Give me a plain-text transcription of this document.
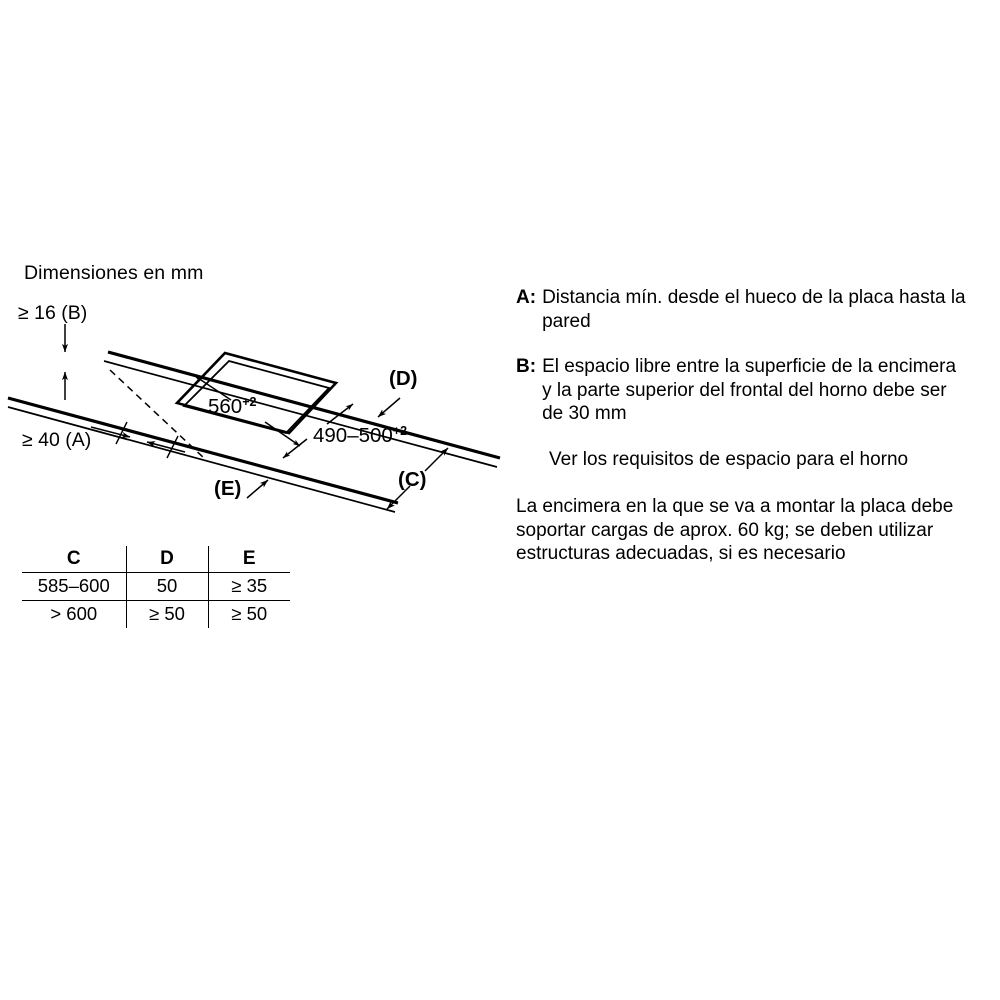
Dimensiones en mm
≥ 16 (B)
≥ 40 (A)
$560^{+2}$
$490-500^{+2}$
(D)
(C)
(E)
C	D	E
585–600	50	≥ 35
> 600	≥ 50	≥ 50
A: Distancia mín. desde el hueco de la placa hasta la pared
B: El espacio libre entre la superficie de la encimera y la parte superior del frontal del horno debe ser de 30 mm
Ver los requisitos de espacio para el horno
La encimera en la que se va a montar la placa debe soportar cargas de aprox. 60 kg; se deben utilizar estructuras adecuadas, si es necesario
